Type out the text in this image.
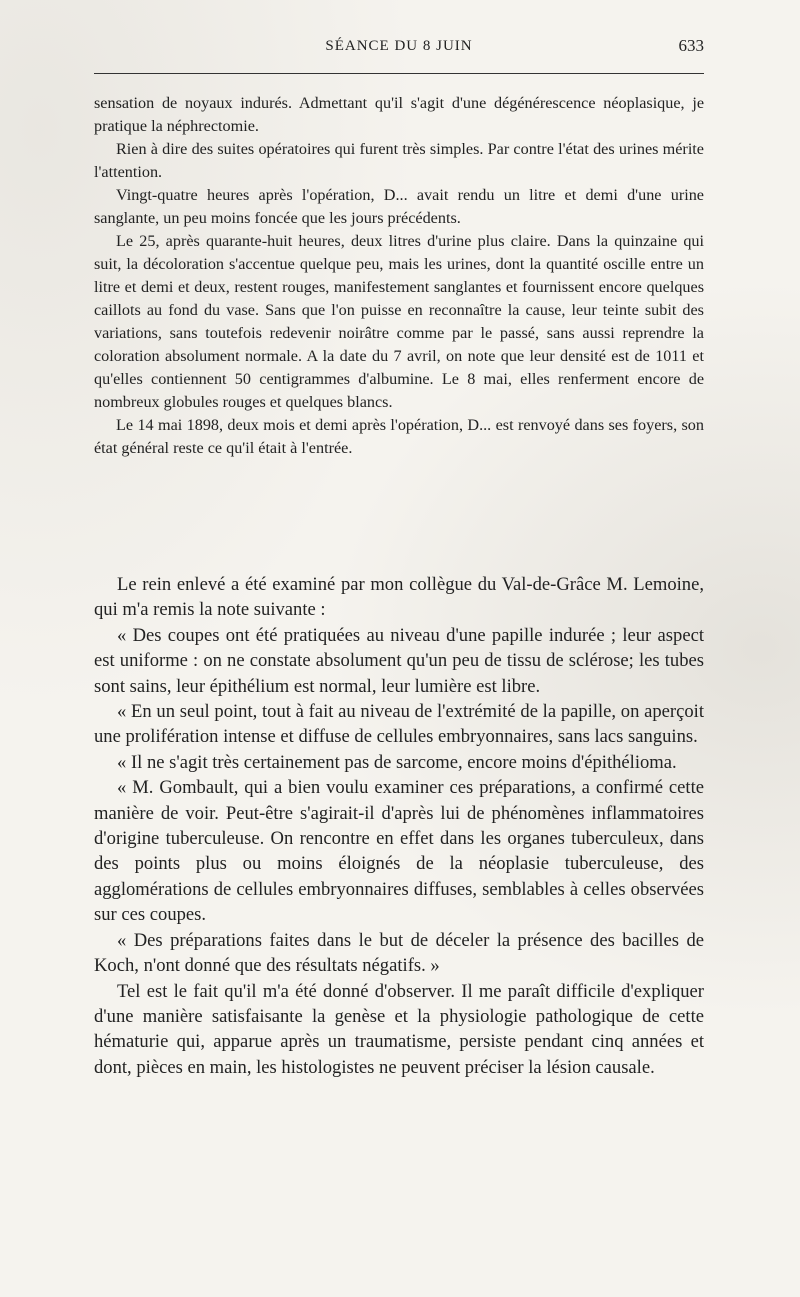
SÉANCE DU 8 JUIN	633

sensation de noyaux indurés. Admettant qu'il s'agit d'une dégénérescence néoplasique, je pratique la néphrectomie.

Rien à dire des suites opératoires qui furent très simples. Par contre l'état des urines mérite l'attention.

Vingt-quatre heures après l'opération, D... avait rendu un litre et demi d'une urine sanglante, un peu moins foncée que les jours précédents.

Le 25, après quarante-huit heures, deux litres d'urine plus claire. Dans la quinzaine qui suit, la décoloration s'accentue quelque peu, mais les urines, dont la quantité oscille entre un litre et demi et deux, restent rouges, manifestement sanglantes et fournissent encore quelques caillots au fond du vase. Sans que l'on puisse en reconnaître la cause, leur teinte subit des variations, sans toutefois redevenir noirâtre comme par le passé, sans aussi reprendre la coloration absolument normale. A la date du 7 avril, on note que leur densité est de 1011 et qu'elles contiennent 50 centigrammes d'albumine. Le 8 mai, elles renferment encore de nombreux globules rouges et quelques blancs.

Le 14 mai 1898, deux mois et demi après l'opération, D... est renvoyé dans ses foyers, son état général reste ce qu'il était à l'entrée.

Le rein enlevé a été examiné par mon collègue du Val-de-Grâce M. Lemoine, qui m'a remis la note suivante :

« Des coupes ont été pratiquées au niveau d'une papille indurée ; leur aspect est uniforme : on ne constate absolument qu'un peu de tissu de sclérose; les tubes sont sains, leur épithélium est normal, leur lumière est libre.

« En un seul point, tout à fait au niveau de l'extrémité de la papille, on aperçoit une prolifération intense et diffuse de cellules embryonnaires, sans lacs sanguins.

« Il ne s'agit très certainement pas de sarcome, encore moins d'épithélioma.

« M. Gombault, qui a bien voulu examiner ces préparations, a confirmé cette manière de voir. Peut-être s'agirait-il d'après lui de phénomènes inflammatoires d'origine tuberculeuse. On rencontre en effet dans les organes tuberculeux, dans des points plus ou moins éloignés de la néoplasie tuberculeuse, des agglomérations de cellules embryonnaires diffuses, semblables à celles observées sur ces coupes.

« Des préparations faites dans le but de déceler la présence des bacilles de Koch, n'ont donné que des résultats négatifs. »

Tel est le fait qu'il m'a été donné d'observer. Il me paraît difficile d'expliquer d'une manière satisfaisante la genèse et la physiologie pathologique de cette hématurie qui, apparue après un traumatisme, persiste pendant cinq années et dont, pièces en main, les histologistes ne peuvent préciser la lésion causale.
